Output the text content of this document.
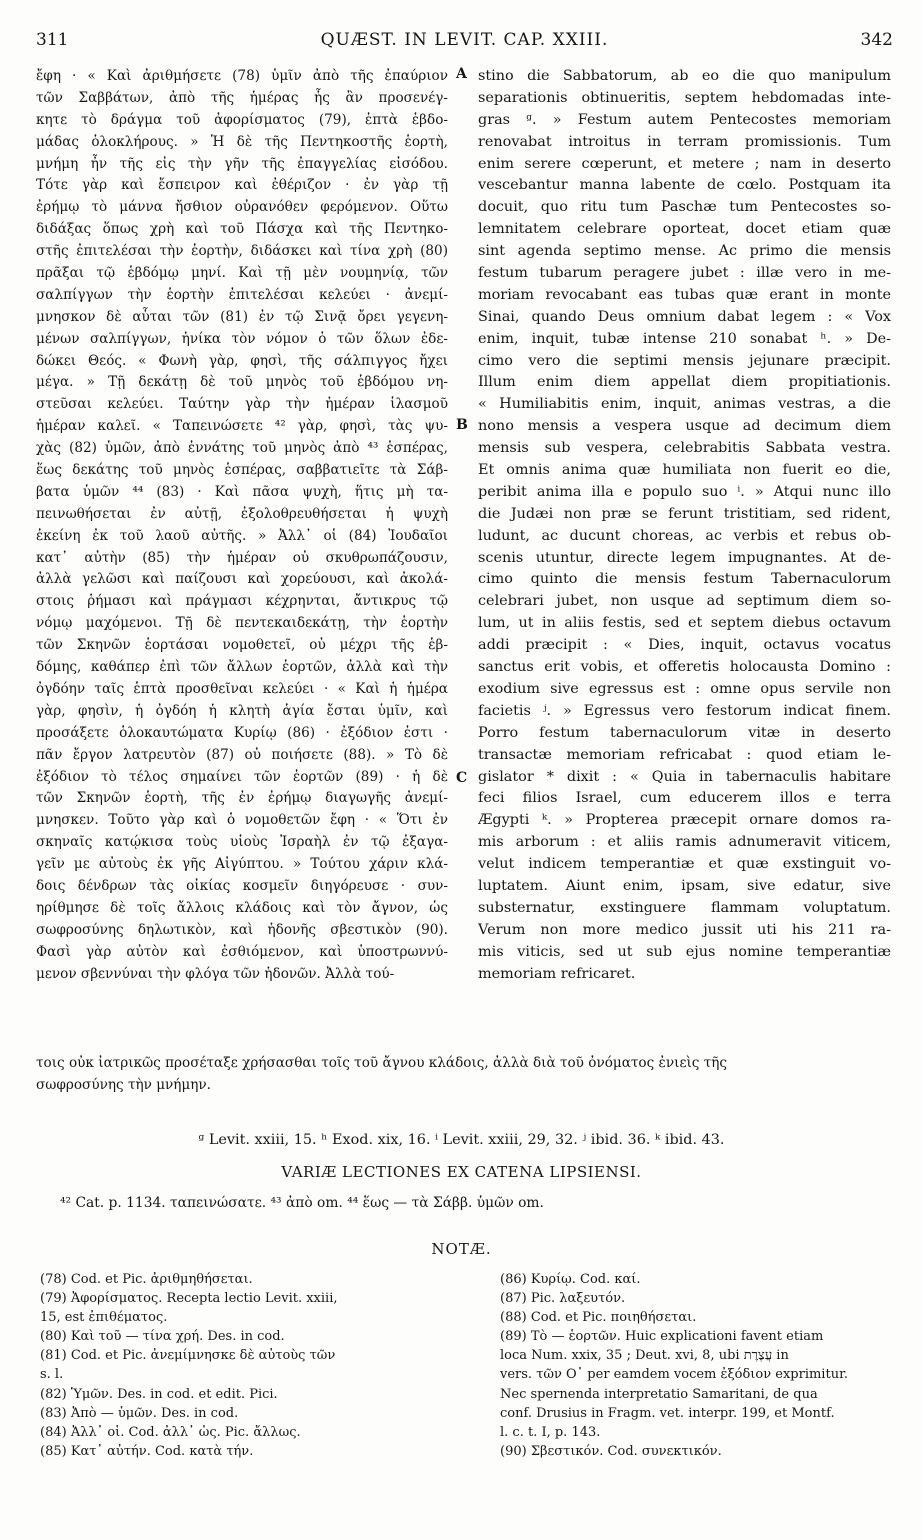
311	QUÆST. IN LEVIT. CAP. XXIII.	342
ἔφη · « Καὶ ἀριθμήσετε (78) ὑμῖν ἀπὸ τῆς ἐπαύριον
τῶν Σαββάτων, ἀπὸ τῆς ἡμέρας ἧς ἂν προσενέγ-
κητε τὸ δράγμα τοῦ ἀφορίσματος (79), ἑπτὰ ἑβδο-
μάδας ὁλοκλήρους. » Ἡ δὲ τῆς Πεντηκοστῆς ἑορτὴ,
μνήμη ἦν τῆς εἰς τὴν γῆν τῆς ἐπαγγελίας εἰσόδου.
Τότε γὰρ καὶ ἔσπειρον καὶ ἐθέριζον · ἐν γὰρ τῇ
ἐρήμῳ τὸ μάννα ἤσθιον οὐρανόθεν φερόμενον. Οὕτω
διδάξας ὅπως χρὴ καὶ τοῦ Πάσχα καὶ τῆς Πεντηκο-
στῆς ἐπιτελέσαι τὴν ἑορτὴν, διδάσκει καὶ τίνα χρὴ (80)
πρᾶξαι τῷ ἑβδόμῳ μηνί. Καὶ τῇ μὲν νουμηνίᾳ, τῶν
σαλπίγγων τὴν ἑορτὴν ἐπιτελέσαι κελεύει · ἀνεμί-
μνησκον δὲ αὗται τῶν (81) ἐν τῷ Σινᾷ ὄρει γεγενη-
μένων σαλπίγγων, ἡνίκα τὸν νόμον ὁ τῶν ὅλων ἐδε-
δώκει Θεός. « Φωνὴ γὰρ, φησὶ, τῆς σάλπιγγος ἤχει
μέγα. » Τῇ δεκάτῃ δὲ τοῦ μηνὸς τοῦ ἑβδόμου νη-
στεῦσαι κελεύει. Ταύτην γὰρ τὴν ἡμέραν ἱλασμοῦ
ἡμέραν καλεῖ. « Ταπεινώσετε ⁴² γὰρ, φησὶ, τὰς ψυ-
χὰς (82) ὑμῶν, ἀπὸ ἐννάτης τοῦ μηνὸς ἀπὸ ⁴³ ἑσπέρας,
ἕως δεκάτης τοῦ μηνὸς ἑσπέρας, σαββατιεῖτε τὰ Σάβ-
βατα ὑμῶν ⁴⁴ (83) · Καὶ πᾶσα ψυχὴ, ἥτις μὴ τα-
πεινωθήσεται ἐν αὐτῇ, ἐξολοθρευθήσεται ἡ ψυχὴ
ἐκείνη ἐκ τοῦ λαοῦ αὐτῆς. » Ἀλλ᾽ οἱ (84) Ἰουδαῖοι
κατ᾽ αὐτὴν (85) τὴν ἡμέραν οὐ σκυθρωπάζουσιν,
ἀλλὰ γελῶσι καὶ παίζουσι καὶ χορεύουσι, καὶ ἀκολά-
στοις ῥήμασι καὶ πράγμασι κέχρηνται, ἄντικρυς τῷ
νόμῳ μαχόμενοι. Τῇ δὲ πεντεκαιδεκάτῃ, τὴν ἑορτὴν
τῶν Σκηνῶν ἑορτάσαι νομοθετεῖ, οὐ μέχρι τῆς ἑβ-
δόμης, καθάπερ ἐπὶ τῶν ἄλλων ἑορτῶν, ἀλλὰ καὶ τὴν
ὀγδόην ταῖς ἑπτὰ προσθεῖναι κελεύει · « Καὶ ἡ ἡμέρα
γὰρ, φησὶν, ἡ ὀγδόη ἡ κλητὴ ἁγία ἔσται ὑμῖν, καὶ
προσάξετε ὁλοκαυτώματα Κυρίῳ (86) · ἐξόδιον ἐστι ·
πᾶν ἔργον λατρευτὸν (87) οὐ ποιήσετε (88). » Τὸ δὲ
ἐξόδιον τὸ τέλος σημαίνει τῶν ἑορτῶν (89) · ἡ δὲ
τῶν Σκηνῶν ἑορτὴ, τῆς ἐν ἐρήμῳ διαγωγῆς ἀνεμί-
μνησκεν. Τοῦτο γὰρ καὶ ὁ νομοθετῶν ἔφη · « Ὅτι ἐν
σκηναῖς κατῴκισα τοὺς υἱοὺς Ἰσραὴλ ἐν τῷ ἐξαγα-
γεῖν με αὐτοὺς ἐκ γῆς Αἰγύπτου. » Τούτου χάριν κλά-
δοις δένδρων τὰς οἰκίας κοσμεῖν διηγόρευσε · συν-
ηρίθμησε δὲ τοῖς ἄλλοις κλάδοις καὶ τὸν ἄγνον, ὡς
σωφροσύνης δηλωτικὸν, καὶ ἡδονῆς σβεστικὸν (90).
Φασὶ γὰρ αὐτὸν καὶ ἐσθιόμενον, καὶ ὑποστρωννύ-
μενον σβεννύναι τὴν φλόγα τῶν ἡδονῶν. Ἀλλὰ τού-
stino die Sabbatorum, ab eo die quo manipulum
separationis obtinueritis, septem hebdomadas inte-
gras ᵍ. » Festum autem Pentecostes memoriam
renovabat introitus in terram promissionis. Tum
enim serere cœperunt, et metere ; nam in deserto
vescebantur manna labente de cœlo. Postquam ita
docuit, quo ritu tum Paschæ tum Pentecostes so-
lemnitatem celebrare oporteat, docet etiam quæ
sint agenda septimo mense. Ac primo die mensis
festum tubarum peragere jubet : illæ vero in me-
moriam revocabant eas tubas quæ erant in monte
Sinai, quando Deus omnium dabat legem : « Vox
enim, inquit, tubæ intense 210 sonabat ʰ. » De-
cimo vero die septimi mensis jejunare præcipit.
Illum enim diem appellat diem propitiationis.
« Humiliabitis enim, inquit, animas vestras, a die
nono mensis a vespera usque ad decimum diem
mensis sub vespera, celebrabitis Sabbata vestra.
Et omnis anima quæ humiliata non fuerit eo die,
peribit anima illa e populo suo ⁱ. » Atqui nunc illo
die Judæi non præ se ferunt tristitiam, sed rident,
ludunt, ac ducunt choreas, ac verbis et rebus ob-
scenis utuntur, directe legem impugnantes. At de-
cimo quinto die mensis festum Tabernaculorum
celebrari jubet, non usque ad septimum diem so-
lum, ut in aliis festis, sed et septem diebus octavum
addi præcipit : « Dies, inquit, octavus vocatus
sanctus erit vobis, et offeretis holocausta Domino :
exodium sive egressus est : omne opus servile non
facietis ʲ. » Egressus vero festorum indicat finem.
Porro festum tabernaculorum vitæ in deserto
transactæ memoriam refricabat : quod etiam le-
gislator * dixit : « Quia in tabernaculis habitare
feci filios Israel, cum educerem illos e terra
Ægypti ᵏ. » Propterea præcepit ornare domos ra-
mis arborum : et aliis ramis adnumeravit viticem,
velut indicem temperantiæ et quæ exstinguit vo-
luptatem. Aiunt enim, ipsam, sive edatur, sive
substernatur, exstinguere flammam voluptatum.
Verum non more medico jussit uti his 211 ra-
mis viticis, sed ut sub ejus nomine temperantiæ
memoriam refricaret.
A
B
C
τοις οὐκ ἰατρικῶς προσέταξε χρήσασθαι τοῖς τοῦ ἄγνου κλάδοις, ἀλλὰ διὰ τοῦ ὀνόματος ἐνιεὶς τῆς
σωφροσύνης τὴν μνήμην.
ᵍ Levit. xxiii, 15. ʰ Exod. xix, 16. ⁱ Levit. xxiii, 29, 32. ʲ ibid. 36. ᵏ ibid. 43.
VARIÆ LECTIONES EX CATENA LIPSIENSI.
⁴² Cat. p. 1134. ταπεινώσατε. ⁴³ ἀπὸ om. ⁴⁴ ἕως — τὰ Σάββ. ὑμῶν om.
NOTÆ.
(78) Cod. et Pic. ἀριθμηθήσεται.
(79) Ἀφορίσματος. Recepta lectio Levit. xxiii,
15, est ἐπιθέματος.
(80) Καὶ τοῦ — τίνα χρή. Des. in cod.
(81) Cod. et Pic. ἀνεμίμνησκε δὲ αὐτοὺς τῶν
s. l.
(82) Ὑμῶν. Des. in cod. et edit. Pici.
(83) Ἀπὸ — ὑμῶν. Des. in cod.
(84) Ἀλλ᾽ οἱ. Cod. ἀλλ᾽ ὡς. Pic. ἄλλως.
(85) Κατ᾽ αὐτήν. Cod. κατὰ τήν.
(86) Κυρίῳ. Cod. καί.
(87) Pic. λαξευτόν.
(88) Cod. et Pic. ποιηθήσεται.
(89) Τὸ — ἑορτῶν. Huic explicationi favent etiam
loca Num. xxix, 35 ; Deut. xvi, 8, ubi עֲצֶרֶת in
vers. τῶν Ο᾽ per eamdem vocem ἐξόδιον exprimitur.
Nec spernenda interpretatio Samaritani, de qua
conf. Drusius in Fragm. vet. interpr. 199, et Montf.
l. c. t. I, p. 143.
(90) Σβεστικόν. Cod. συνεκτικόν.
